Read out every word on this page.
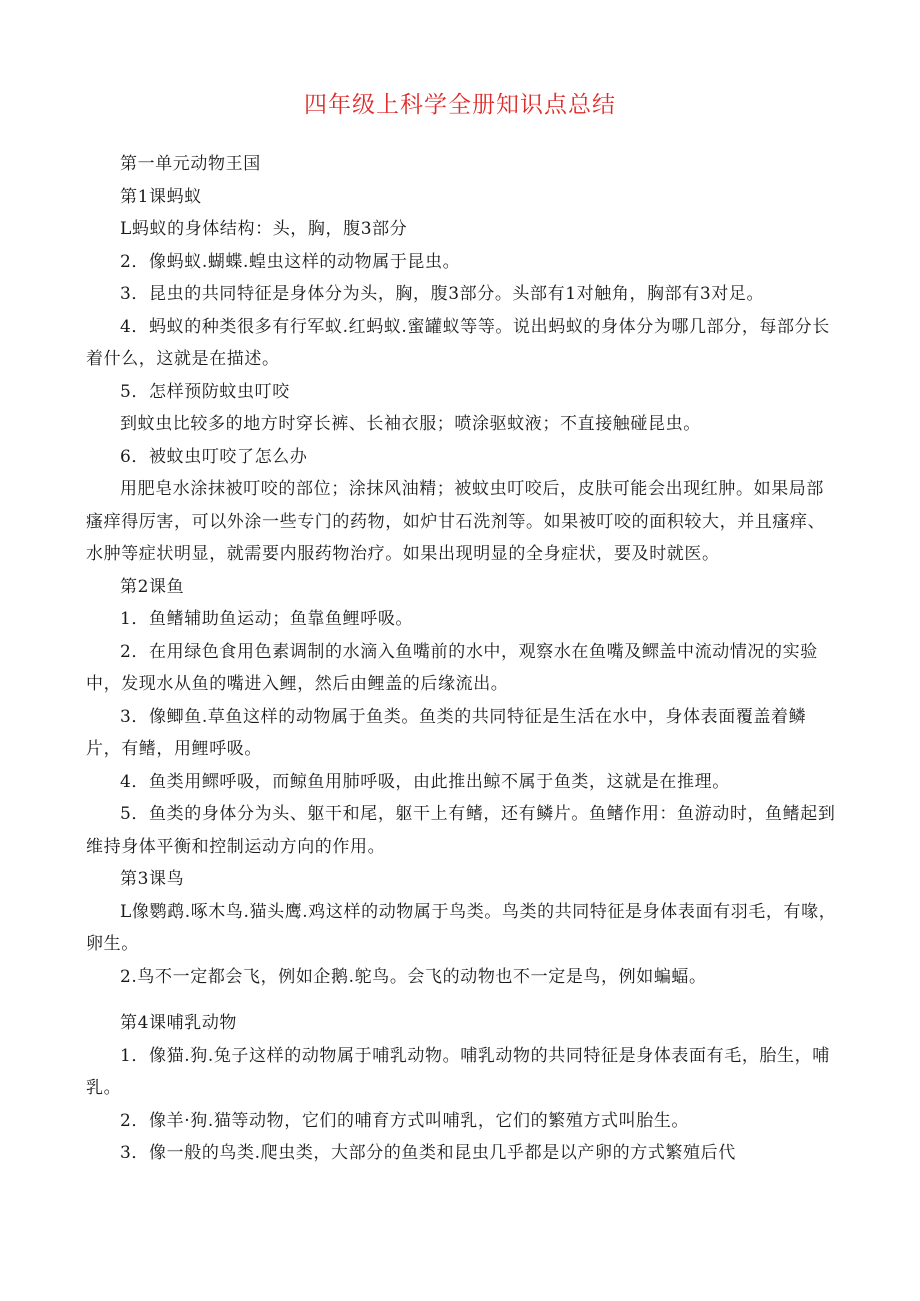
四年级上科学全册知识点总结

第一单元动物王国

第1课蚂蚁

L蚂蚁的身体结构：头，胸，腹3部分

2．像蚂蚁.蝴蝶.蝗虫这样的动物属于昆虫。

3．昆虫的共同特征是身体分为头，胸，腹3部分。头部有1对触角，胸部有3对足。

4．蚂蚁的种类很多有行军蚁.红蚂蚁.蜜罐蚁等等。说出蚂蚁的身体分为哪几部分，每部分长着什么，这就是在描述。

5．怎样预防蚊虫叮咬

到蚊虫比较多的地方时穿长裤、长袖衣服；喷涂驱蚊液；不直接触碰昆虫。

6．被蚊虫叮咬了怎么办

用肥皂水涂抹被叮咬的部位；涂抹风油精；被蚊虫叮咬后，皮肤可能会出现红肿。如果局部瘙痒得厉害，可以外涂一些专门的药物，如炉甘石洗剂等。如果被叮咬的面积较大，并且瘙痒、水肿等症状明显，就需要内服药物治疗。如果出现明显的全身症状，要及时就医。

第2课鱼

1．鱼鳍辅助鱼运动；鱼靠鱼鲤呼吸。

2．在用绿色食用色素调制的水滴入鱼嘴前的水中，观察水在鱼嘴及鳏盖中流动情况的实验中，发现水从鱼的嘴进入鲤，然后由鲤盖的后缘流出。

3．像鲫鱼.草鱼这样的动物属于鱼类。鱼类的共同特征是生活在水中，身体表面覆盖着鳞片，有鳍，用鲤呼吸。

4．鱼类用鳏呼吸，而鲸鱼用肺呼吸，由此推出鲸不属于鱼类，这就是在推理。

5．鱼类的身体分为头、躯干和尾，躯干上有鳍，还有鳞片。鱼鳍作用：鱼游动时，鱼鳍起到维持身体平衡和控制运动方向的作用。

第3课鸟

L像鹦鹉.啄木鸟.猫头鹰.鸡这样的动物属于鸟类。鸟类的共同特征是身体表面有羽毛，有喙，卵生。

2.鸟不一定都会飞，例如企鹅.鸵鸟。会飞的动物也不一定是鸟，例如蝙蝠。

第4课哺乳动物

1．像猫.狗.兔子这样的动物属于哺乳动物。哺乳动物的共同特征是身体表面有毛，胎生，哺乳。

2．像羊·狗.猫等动物，它们的哺育方式叫哺乳，它们的繁殖方式叫胎生。

3．像一般的鸟类.爬虫类，大部分的鱼类和昆虫几乎都是以产卵的方式繁殖后代
